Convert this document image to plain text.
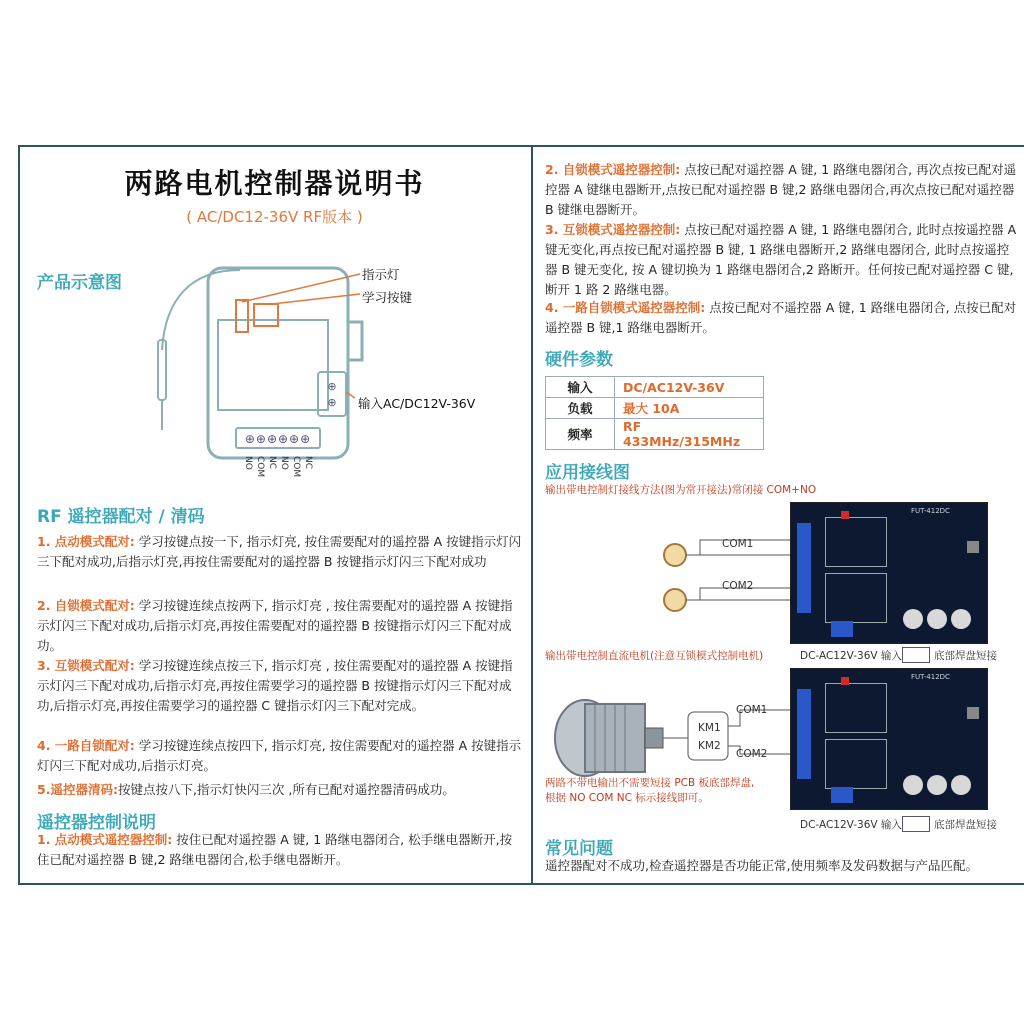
两路电机控制器说明书
( AC/DC12-36V RF版本 )
产品示意图
⊕
⊕
⊕⊕⊕⊕⊕⊕
指示灯
学习按键
输入AC/DC12V-36V
NO COM NC NO COM NC
RF 遥控器配对 / 清码
1. 点动模式配对: 学习按键点按一下, 指示灯亮, 按住需要配对的遥控器 A 按键指示灯闪三下配对成功,后指示灯亮,再按住需要配对的遥控器 B 按键指示灯闪三下配对成功
2. 自锁模式配对: 学习按键连续点按两下, 指示灯亮 , 按住需要配对的遥控器 A 按键指示灯闪三下配对成功,后指示灯亮,再按住需要配对的遥控器 B 按键指示灯闪三下配对成功。
3. 互锁模式配对: 学习按键连续点按三下, 指示灯亮 , 按住需要配对的遥控器 A 按键指示灯闪三下配对成功,后指示灯亮,再按住需要学习的遥控器 B 按键指示灯闪三下配对成功,后指示灯亮,再按住需要学习的遥控器 C 键指示灯闪三下配对完成。
4. 一路自锁配对: 学习按键连续点按四下, 指示灯亮, 按住需要配对的遥控器 A 按键指示灯闪三下配对成功,后指示灯亮。
5.遥控器清码:按键点按八下,指示灯快闪三次 ,所有已配对遥控器清码成功。
遥控器控制说明
1. 点动模式遥控器控制: 按住已配对遥控器 A 键, 1 路继电器闭合, 松手继电器断开,按住已配对遥控器 B 键,2 路继电器闭合,松手继电器断开。
2. 自锁模式遥控器控制: 点按已配对遥控器 A 键, 1 路继电器闭合, 再次点按已配对遥控器 A 键继电器断开,点按已配对遥控器 B 键,2 路继电器闭合,再次点按已配对遥控器 B 键继电器断开。
3. 互锁模式遥控器控制: 点按已配对遥控器 A 键, 1 路继电器闭合, 此时点按遥控器 A 键无变化,再点按已配对遥控器 B 键, 1 路继电器断开,2 路继电器闭合, 此时点按遥控器 B 键无变化, 按 A 键切换为 1 路继电器闭合,2 路断开。任何按已配对遥控器 C 键,断开 1 路 2 路继电器。
4. 一路自锁模式遥控器控制: 点按已配对不遥控器 A 键, 1 路继电器闭合, 点按已配对遥控器 B 键,1 路继电器断开。
硬件参数
输入	DC/AC12V-36V
负载	最大 10A
频率	RF 433MHz/315MHz
应用接线图
输出带电控制灯接线方法(图为常开接法)常闭接 COM+NO
COM1
COM2
FUT-412DC
输出带电控制直流电机(注意互锁模式控制电机)	DC-AC12V-36V 输入	底部焊盘短接
KM1
KM2
COM1
COM2
FUT-412DC
两路不带电输出不需要短接 PCB 板底部焊盘,
根据 NO COM NC 标示接线即可。
DC-AC12V-36V 输入	底部焊盘短接
常见问题
遥控器配对不成功,检查遥控器是否功能正常,使用频率及发码数据与产品匹配。
